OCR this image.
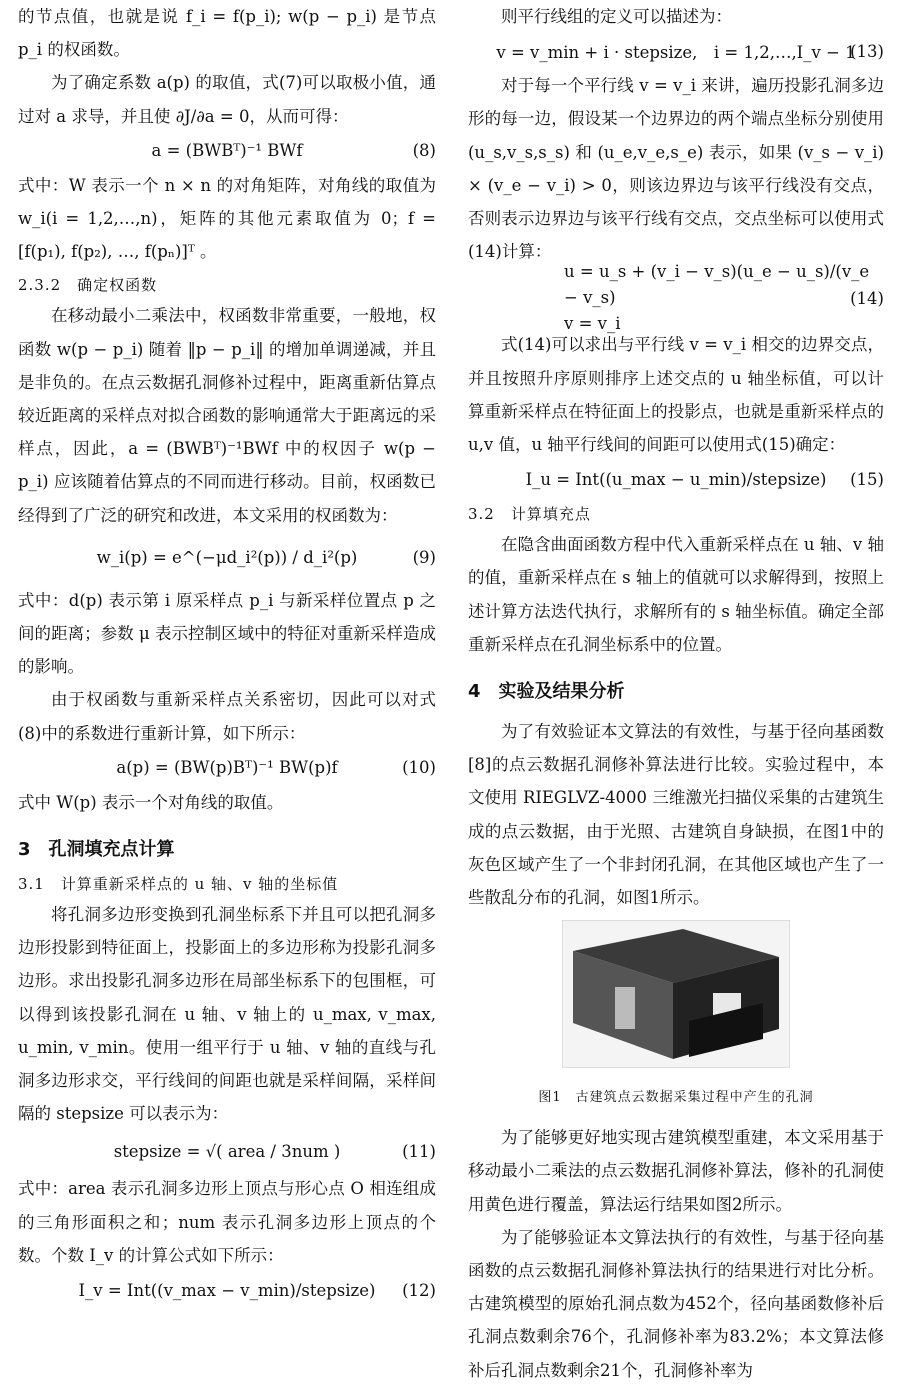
的节点值，也就是说 f_i = f(p_i); w(p − p_i) 是节点 p_i 的权函数。

为了确定系数 a(p) 的取值，式(7)可以取极小值，通过对 a 求导，并且使 ∂J/∂a = 0，从而可得：

a = (BWBᵀ)⁻¹ BWf	(8)

式中：W 表示一个 n × n 的对角矩阵，对角线的取值为 w_i(i = 1,2,…,n)，矩阵的其他元素取值为 0；f = [f(p₁), f(p₂), …, f(pₙ)]ᵀ 。

2.3.2　确定权函数

在移动最小二乘法中，权函数非常重要，一般地，权函数 w(p − p_i) 随着 ‖p − p_i‖ 的增加单调递减，并且是非负的。在点云数据孔洞修补过程中，距离重新估算点较近距离的采样点对拟合函数的影响通常大于距离远的采样点，因此，a = (BWBᵀ)⁻¹BWf 中的权因子 w(p − p_i) 应该随着估算点的不同而进行移动。目前，权函数已经得到了广泛的研究和改进，本文采用的权函数为：

w_i(p) = e^(−μd_i²(p)) / d_i²(p)	(9)

式中：d(p) 表示第 i 原采样点 p_i 与新采样位置点 p 之间的距离；参数 μ 表示控制区域中的特征对重新采样造成的影响。

由于权函数与重新采样点关系密切，因此可以对式(8)中的系数进行重新计算，如下所示：

a(p) = (BW(p)Bᵀ)⁻¹ BW(p)f	(10)

式中 W(p) 表示一个对角线的取值。

3　孔洞填充点计算
3.1　计算重新采样点的 u 轴、v 轴的坐标值

将孔洞多边形变换到孔洞坐标系下并且可以把孔洞多边形投影到特征面上，投影面上的多边形称为投影孔洞多边形。求出投影孔洞多边形在局部坐标系下的包围框，可以得到该投影孔洞在 u 轴、v 轴上的 u_max, v_max, u_min, v_min。使用一组平行于 u 轴、v 轴的直线与孔洞多边形求交，平行线间的间距也就是采样间隔，采样间隔的 stepsize 可以表示为：

stepsize = √( area / 3num )	(11)

式中：area 表示孔洞多边形上顶点与形心点 O 相连组成的三角形面积之和；num 表示孔洞多边形上顶点的个数。个数 I_v 的计算公式如下所示：

I_v = Int((v_max − v_min)/stepsize)	(12)

则平行线组的定义可以描述为：

v = v_min + i · stepsize,　i = 1,2,…,I_v − 1
(13)

对于每一个平行线 v = v_i 来讲，遍历投影孔洞多边形的每一边，假设某一个边界边的两个端点坐标分别使用 (u_s,v_s,s_s) 和 (u_e,v_e,s_e) 表示，如果 (v_s − v_i) × (v_e − v_i) > 0，则该边界边与该平行线没有交点，否则表示边界边与该平行线有交点，交点坐标可以使用式(14)计算：

u = u_s + (v_i − v_s)(u_e − u_s)/(v_e − v_s)
v = v_i
(14)

式(14)可以求出与平行线 v = v_i 相交的边界交点，并且按照升序原则排序上述交点的 u 轴坐标值，可以计算重新采样点在特征面上的投影点，也就是重新采样点的 u,v 值，u 轴平行线间的间距可以使用式(15)确定：

I_u = Int((u_max − u_min)/stepsize)	(15)
3.2　计算填充点

在隐含曲面函数方程中代入重新采样点在 u 轴、v 轴的值，重新采样点在 s 轴上的值就可以求解得到，按照上述计算方法迭代执行，求解所有的 s 轴坐标值。确定全部重新采样点在孔洞坐标系中的位置。

4　实验及结果分析

为了有效验证本文算法的有效性，与基于径向基函数[8]的点云数据孔洞修补算法进行比较。实验过程中，本文使用 RIEGLVZ-4000 三维激光扫描仪采集的古建筑生成的点云数据，由于光照、古建筑自身缺损，在图1中的灰色区域产生了一个非封闭孔洞，在其他区域也产生了一些散乱分布的孔洞，如图1所示。

图1　古建筑点云数据采集过程中产生的孔洞

为了能够更好地实现古建筑模型重建，本文采用基于移动最小二乘法的点云数据孔洞修补算法，修补的孔洞使用黄色进行覆盖，算法运行结果如图2所示。

为了能够验证本文算法执行的有效性，与基于径向基函数的点云数据孔洞修补算法执行的结果进行对比分析。古建筑模型的原始孔洞点数为452个，径向基函数修补后孔洞点数剩余76个，孔洞修补率为83.2%；本文算法修补后孔洞点数剩余21个，孔洞修补率为
